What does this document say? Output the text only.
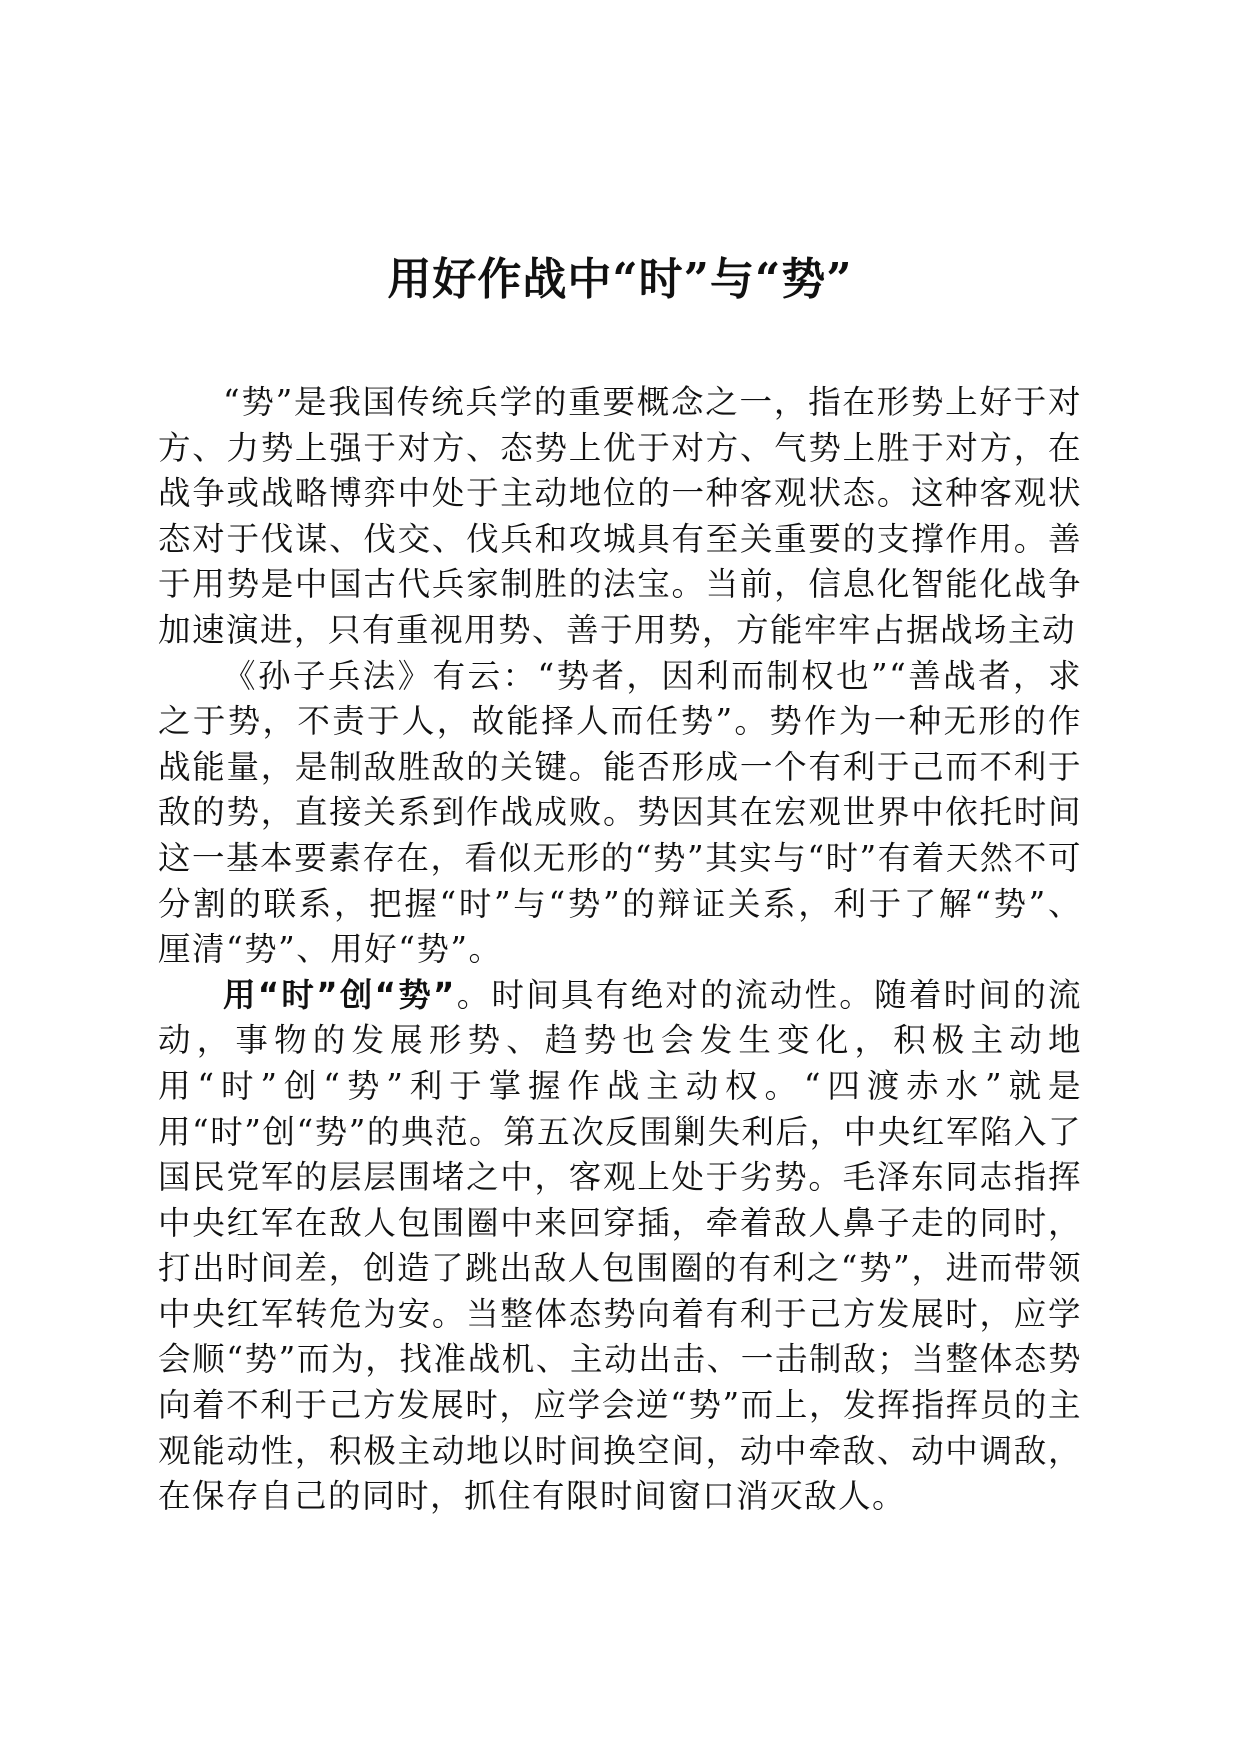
用好作战中“时”与“势”

“势”是我国传统兵学的重要概念之一，指在形势上好于对方、力势上强于对方、态势上优于对方、气势上胜于对方，在战争或战略博弈中处于主动地位的一种客观状态。这种客观状态对于伐谋、伐交、伐兵和攻城具有至关重要的支撑作用。善于用势是中国古代兵家制胜的法宝。当前，信息化智能化战争加速演进，只有重视用势、善于用势，方能牢牢占据战场主动

《孙子兵法》有云：“势者，因利而制权也”“善战者，求之于势，不责于人，故能择人而任势”。势作为一种无形的作战能量，是制敌胜敌的关键。能否形成一个有利于己而不利于敌的势，直接关系到作战成败。势因其在宏观世界中依托时间这一基本要素存在，看似无形的“势”其实与“时”有着天然不可分割的联系，把握“时”与“势”的辩证关系，利于了解“势”、厘清“势”、用好“势”。

用“时”创“势”。时间具有绝对的流动性。随着时间的流动，事物的发展形势、趋势也会发生变化，积极主动地用“时”创“势”利于掌握作战主动权。“四渡赤水”就是用“时”创“势”的典范。第五次反围剿失利后，中央红军陷入了国民党军的层层围堵之中，客观上处于劣势。毛泽东同志指挥中央红军在敌人包围圈中来回穿插，牵着敌人鼻子走的同时，打出时间差，创造了跳出敌人包围圈的有利之“势”，进而带领中央红军转危为安。当整体态势向着有利于己方发展时，应学会顺“势”而为，找准战机、主动出击、一击制敌；当整体态势向着不利于己方发展时，应学会逆“势”而上，发挥指挥员的主观能动性，积极主动地以时间换空间，动中牵敌、动中调敌，在保存自己的同时，抓住有限时间窗口消灭敌人。
